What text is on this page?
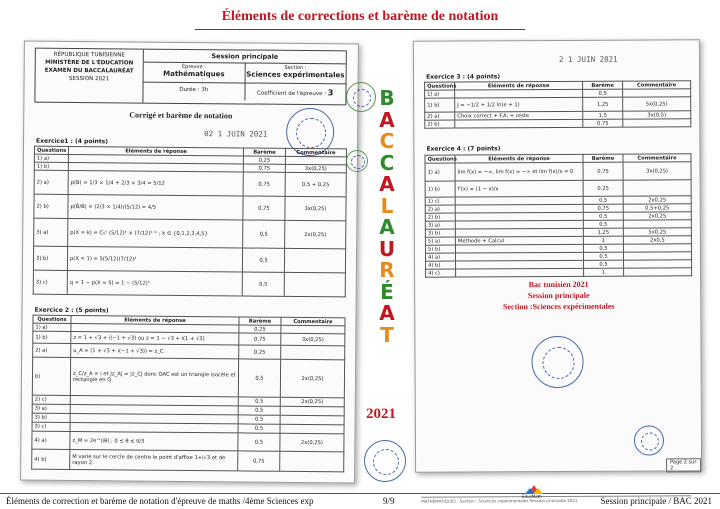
Éléments de corrections et barème de notation
RÉPUBLIQUE TUNISIENNE
MINISTÈRE DE L'ÉDUCATION
EXAMEN DU BACCALAURÉAT
SESSION 2021
Session principale
Épreuve :
Mathématiques
Section :
Sciences expérimentales
Durée : 3h
Coefficient de l'épreuve : 3
Corrigé et barème de notation
02 1 JUIN 2021
Exercice1 : (4 points)
Questions	Eléments de réponse	Barème	Commentaire
1) a)		0,25	
1) b)		0,75	3x(0,25)
2) a)	p(B) = 1/3 × 1/4 + 2/3 × 3/4 = 5/12	0,75	0,5 + 0,25
2) b)	p(B̄/B) = (2/3 × 1/4)/(5/12) = 4/5	0,75	3x(0,25)
3) a)	p(X = k) = C₅ᵏ (5/12)ᵏ × (7/12)⁵⁻ᵏ ; k ∈ {0,1,2,3,4,5}	0,5	2x(0,25)
3) b)	p(X = 1) = 5(5/12)(7/12)⁴	0,5	
3) c)	q = 1 − p(X = 5) = 1 − (5/12)⁵	0,5	
Exercice 2 : (5 points)
Questions	Eléments de réponse	Barème	Commentaire
1) a)		0,25	
1) b)	z = 1 + √3 + i(−1 + √3) ou z = 1 − √3 + i(1 + √3)	0,75	3x(0,25)
2) a)	u_A = (1 + √3 + i(−1 + √3)) = z_C	0,25	
b)	z_C/z_A = i et |z_A| = |z_C| donc OAC est un triangle isocèle et rectangle en O.	0,5	2x(0,25)
2) c)		0,5	2x(0,25)
3) a)		0,5	
3) b)		0,5	
3) c)		0,5	
4) a)	z_M = 2e^(iθ) ; 0 ≤ θ ≤ π/3	0,5	2x(0,25)
4) b)	M varie sur le cercle de centre le point d'affixe 1+i√3 et de rayon 2.	0,75	
B
A
C
C
A
L
A
U
R
É
A
T
2021
2 1 JUIN 2021
Exercice 3 : (4 points)
Questions	Eléments de réponse	Barème	Commentaire
1) a)		0,5	
1) b)	J = −1/2 + 1/2 ln(e + 1)	1,25	5x(0,25)
2) a)	Choix correct + F.A. + reste	1,5	3x(0,5)
2) b)		0,75	
Exercice 4 : (7 points)
Questions	Eléments de réponse	Barème	Commentaire
1) a)	lim f(x) = −∞, lim f(x) = −∞ et lim f(x)/x = 0	0,75	3x(0,25)
1) b)	f'(x) = (1 − x)/x	0,25	
1) c)		0,5	2x0,25
2) a)		0,75	0,5+0,25
2) b)		0,5	2x0,25
3) a)		0,5	
3) b)		1,25	5x0,25
5) a)	Méthode + Calcul	1	2x0,5
5) b)		0,5	
4) a)		0,5	
4) b)		0,5	
4) c)		1	
Bac tunisien 2021
Session principale
Section :Sciences expérimentales
MATHÉMATIQUES - Section : Sciences expérimentales Session principale 2021
Page 2 sur 2
Éléments de correction et barème de notation d'épreuve de maths /4ème Sciences exp	9/9	Session principale / BAC 2021
EducMath
